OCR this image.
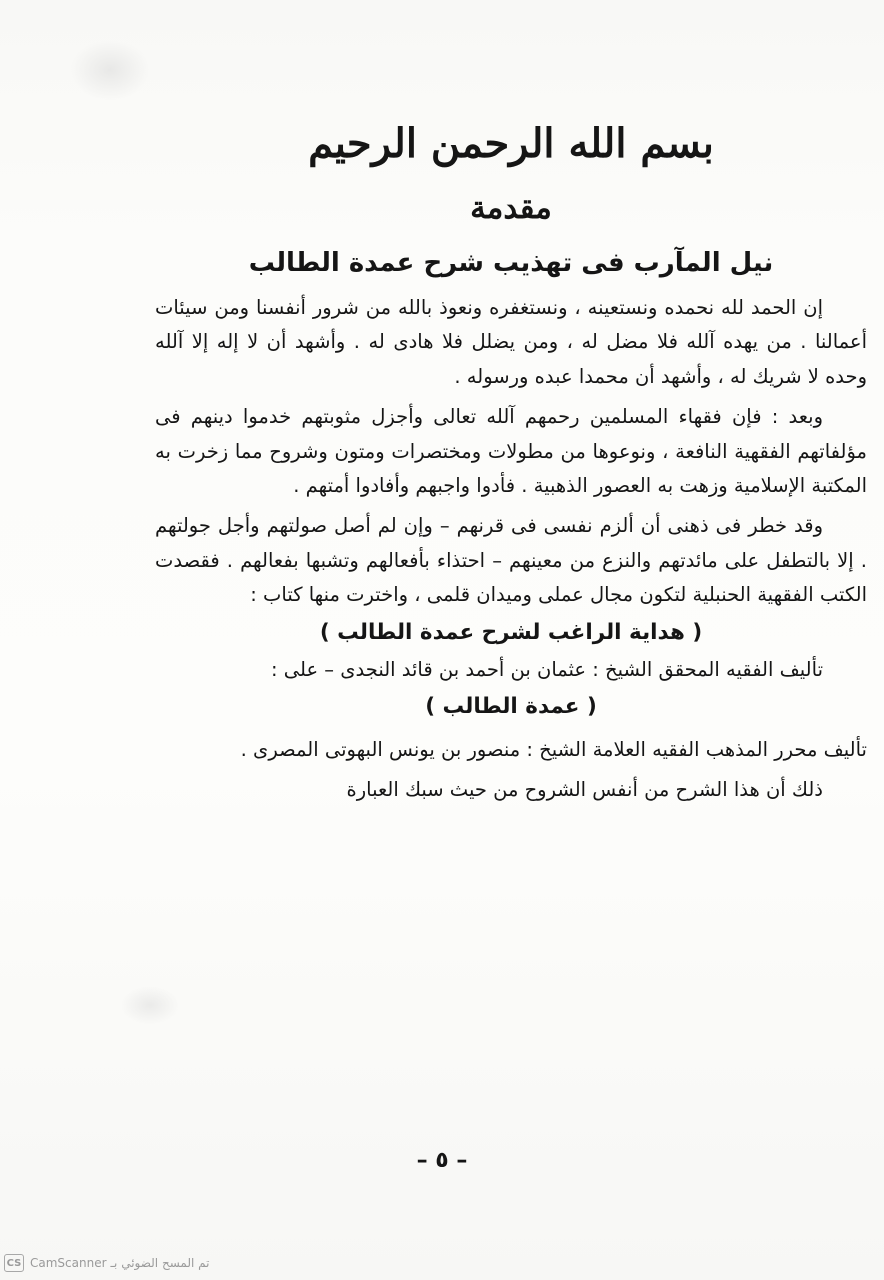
بسم الله الرحمن الرحيم
مقدمة
نيل المآرب فى تهذيب شرح عمدة الطالب

إن الحمد لله نحمده ونستعينه ، ونستغفره ونعوذ بالله من شرور أنفسنا ومن سيئات أعمالنا . من يهده آلله فلا مضل له ، ومن يضلل فلا هادى له . وأشهد أن لا إله إلا آلله وحده لا شريك له ، وأشهد أن محمدا عبده ورسوله .

وبعد : فإن فقهاء المسلمين رحمهم آلله تعالى وأجزل مثوبتهم خدموا دينهم فى مؤلفاتهم الفقهية النافعة ، ونوعوها من مطولات ومختصرات ومتون وشروح مما زخرت به المكتبة الإسلامية وزهت به العصور الذهبية . فأدوا واجبهم وأفادوا أمتهم .

وقد خطر فى ذهنى أن ألزم نفسى فى قرنهم – وإن لم أصل صولتهم وأجل جولتهم . إلا بالتطفل على مائدتهم والنزع من معينهم – احتذاء بأفعالهم وتشبها بفعالهم . فقصدت الكتب الفقهية الحنبلية لتكون مجال عملى وميدان قلمى ، واخترت منها كتاب :

( هداية الراغب لشرح عمدة الطالب )

تأليف الفقيه المحقق الشيخ : عثمان بن أحمد بن قائد النجدى – على :

( عمدة الطالب )

تأليف محرر المذهب الفقيه العلامة الشيخ : منصور بن يونس البهوتى المصرى .

ذلك أن هذا الشرح من أنفس الشروح من حيث سبك العبارة

– ٥ –
CS CamScanner تم المسح الضوئي بـ
